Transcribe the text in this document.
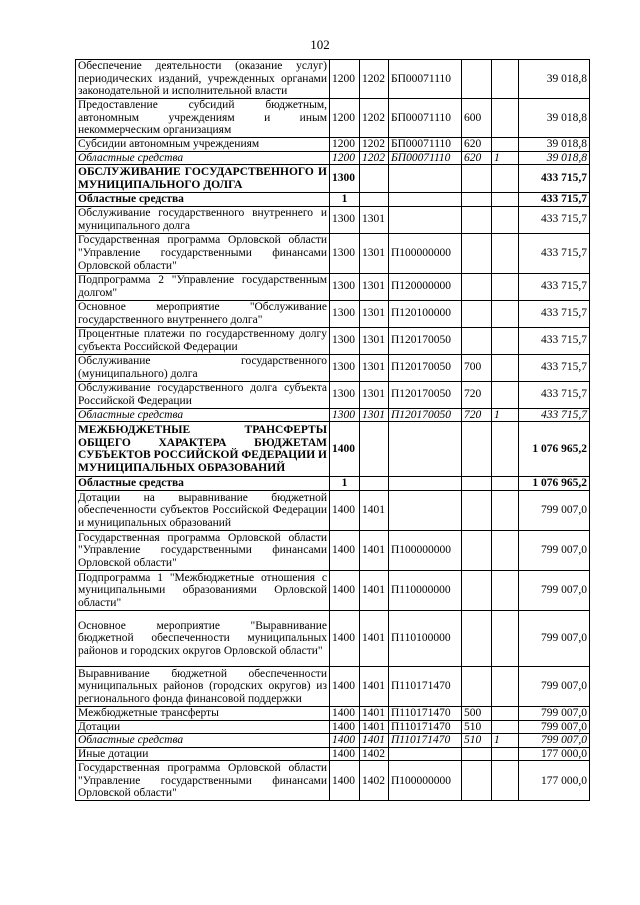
102
Обеспечение деятельности (оказание услуг) периодических изданий, учрежденных органами законодательной и исполнительной власти	1200	1202	БП00071110			39 018,8
Предоставление субсидий бюджетным, автономным учреждениям и иным некоммерческим организациям	1200	1202	БП00071110	600		39 018,8
Субсидии автономным учреждениям	1200	1202	БП00071110	620		39 018,8
Областные средства	1200	1202	БП00071110	620	1	39 018,8
ОБСЛУЖИВАНИЕ ГОСУДАРСТВЕННОГО И МУНИЦИПАЛЬНОГО ДОЛГА	1300					433 715,7
Областные средства	1					433 715,7
Обслуживание государственного внутреннего и муниципального долга	1300	1301				433 715,7
Государственная программа Орловской области "Управление государственными финансами Орловской области"	1300	1301	П100000000			433 715,7
Подпрограмма 2 "Управление государственным долгом"	1300	1301	П120000000			433 715,7
Основное мероприятие "Обслуживание государственного внутреннего долга"	1300	1301	П120100000			433 715,7
Процентные платежи по государственному долгу субъекта Российской Федерации	1300	1301	П120170050			433 715,7
Обслуживание государственного (муниципального) долга	1300	1301	П120170050	700		433 715,7
Обслуживание государственного долга субъекта Российской Федерации	1300	1301	П120170050	720		433 715,7
Областные средства	1300	1301	П120170050	720	1	433 715,7
МЕЖБЮДЖЕТНЫЕ ТРАНСФЕРТЫ ОБЩЕГО ХАРАКТЕРА БЮДЖЕТАМ СУБЪЕКТОВ РОССИЙСКОЙ ФЕДЕРАЦИИ И МУНИЦИПАЛЬНЫХ ОБРАЗОВАНИЙ	1400					1 076 965,2
Областные средства	1					1 076 965,2
Дотации на выравнивание бюджетной обеспеченности субъектов Российской Федерации и муниципальных образований	1400	1401				799 007,0
Государственная программа Орловской области "Управление государственными финансами Орловской области"	1400	1401	П100000000			799 007,0
Подпрограмма 1 "Межбюджетные отношения с муниципальными образованиями Орловской области"	1400	1401	П110000000			799 007,0
Основное мероприятие "Выравнивание бюджетной обеспеченности муниципальных районов и городских округов Орловской области"	1400	1401	П110100000			799 007,0
Выравнивание бюджетной обеспеченности муниципальных районов (городских округов) из регионального фонда финансовой поддержки	1400	1401	П110171470			799 007,0
Межбюджетные трансферты	1400	1401	П110171470	500		799 007,0
Дотации	1400	1401	П110171470	510		799 007,0
Областные средства	1400	1401	П110171470	510	1	799 007,0
Иные дотации	1400	1402				177 000,0
Государственная программа Орловской области "Управление государственными финансами Орловской области"	1400	1402	П100000000			177 000,0
